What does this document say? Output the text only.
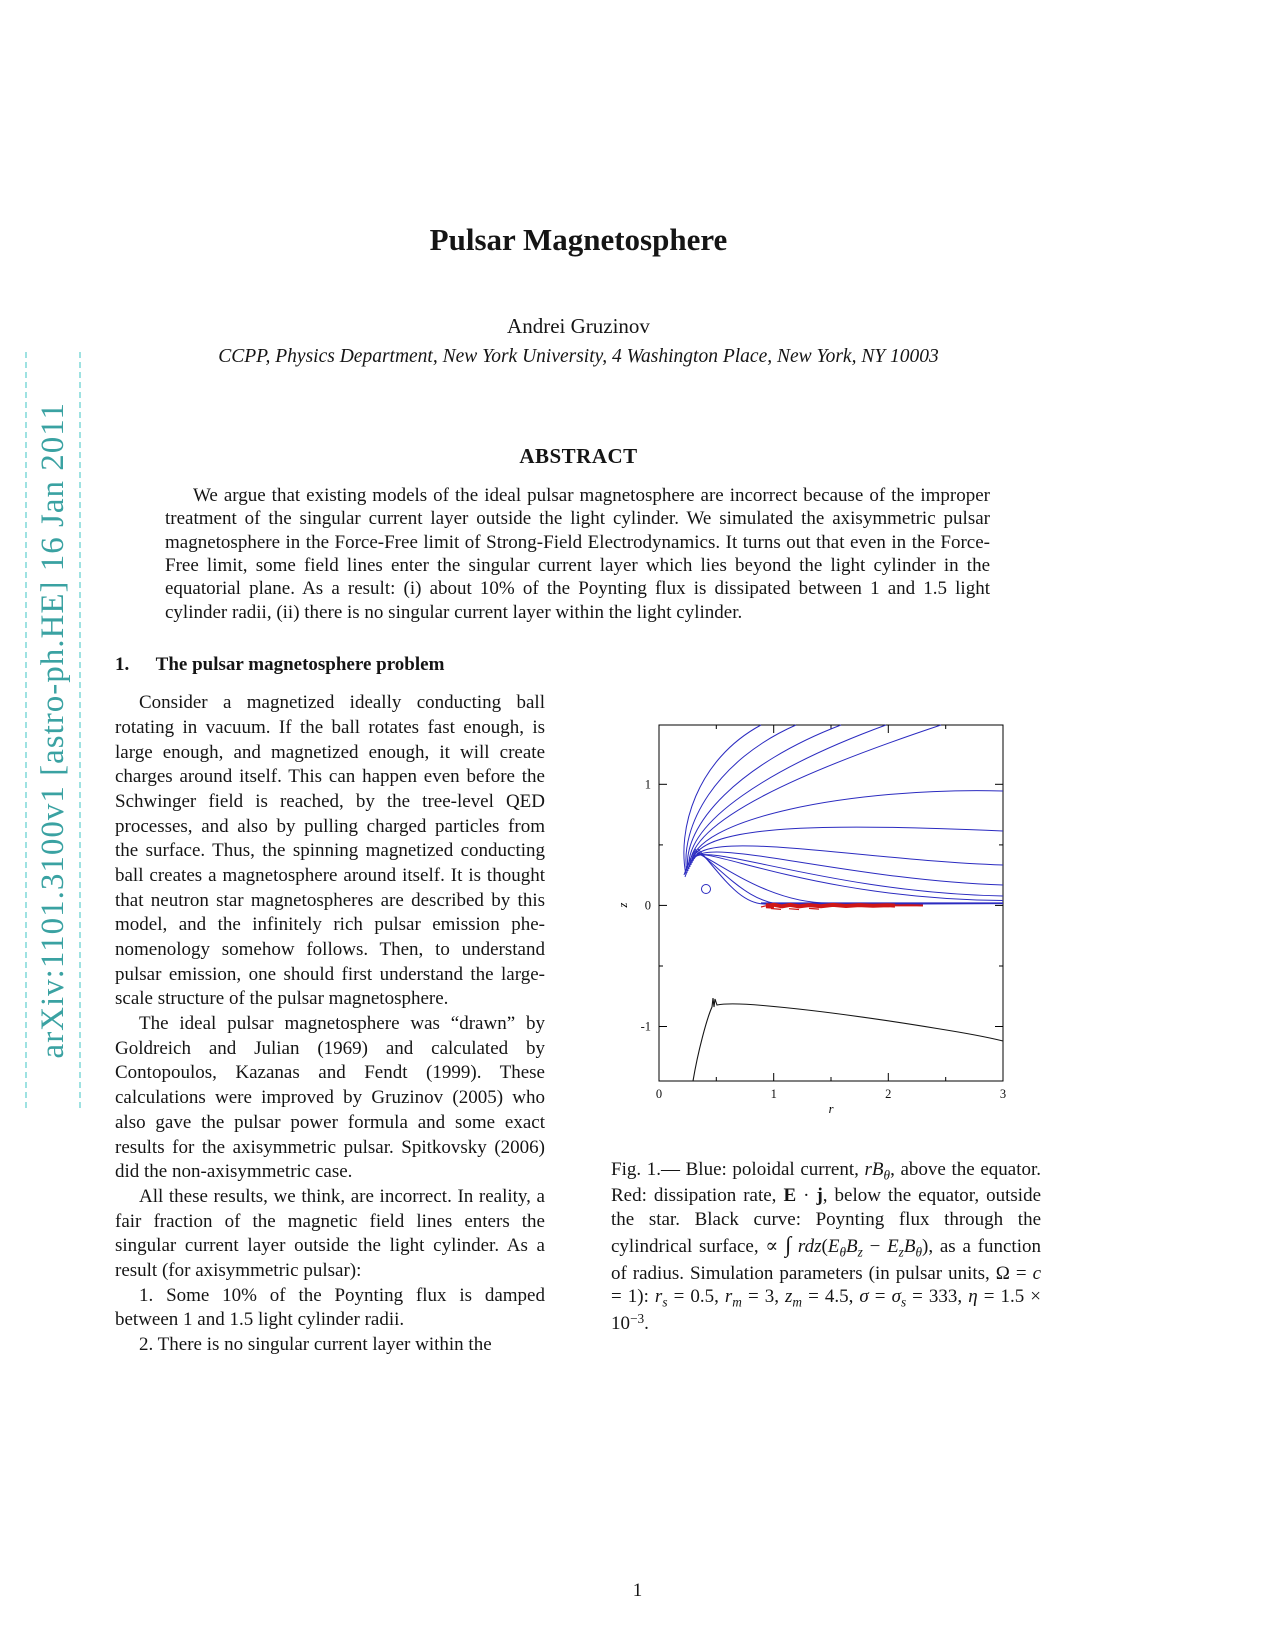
arXiv:1101.3100v1 [astro-ph.HE] 16 Jan 2011
Pulsar Magnetosphere
Andrei Gruzinov
CCPP, Physics Department, New York University, 4 Washington Place, New York, NY 10003
ABSTRACT
We argue that existing models of the ideal pulsar magnetosphere are incorrect because of the improper treatment of the singular current layer outside the light cylinder. We simulated the axisymmetric pulsar magnetosphere in the Force-Free limit of Strong-Field Electrodynamics. It turns out that even in the Force-Free limit, some field lines enter the singular current layer which lies beyond the light cylinder in the equatorial plane. As a result: (i) about 10% of the Poynting flux is dissipated between 1 and 1.5 light cylinder radii, (ii) there is no singular current layer within the light cylinder.
1. The pulsar magnetosphere problem

Consider a magnetized ideally conducting ball rotating in vacuum. If the ball rotates fast enough, is large enough, and magnetized enough, it will create charges around itself. This can happen even before the Schwinger field is reached, by the tree-level QED processes, and also by pulling charged particles from the surface. Thus, the spinning magnetized conducting ball creates a magnetosphere around itself. It is thought that neutron star magnetospheres are described by this model, and the infinitely rich pulsar emission phenomenology somehow follows. Then, to understand pulsar emission, one should first understand the large-scale structure of the pulsar magnetosphere.

The ideal pulsar magnetosphere was “drawn” by Goldreich and Julian (1969) and calculated by Contopoulos, Kazanas and Fendt (1999). These calculations were improved by Gruzinov (2005) who also gave the pulsar power formula and some exact results for the axisymmetric pulsar. Spitkovsky (2006) did the non-axisymmetric case.

All these results, we think, are incorrect. In reality, a fair fraction of the magnetic field lines enters the singular current layer outside the light cylinder. As a result (for axisymmetric pulsar):

1. Some 10% of the Poynting flux is damped between 1 and 1.5 light cylinder radii.

2. There is no singular current layer within the

0	1	2	3
-1
0
1
r
z
Fig. 1.— Blue: poloidal current, $rB_\theta$, above the equator. Red: dissipation rate, E · j, below the equator, outside the star. Black curve: Poynting flux through the cylindrical surface, ∝ ∫ $rdz(E_\theta B_z - E_zB_\theta)$, as a function of radius. Simulation parameters (in pulsar units, Ω = c = 1): $r_s = 0.5$, $r_m = 3$, $z_m = 4.5$, $\sigma = \sigma_s = 333$, $\eta = 1.5 \times 10^{-3}$.
1
